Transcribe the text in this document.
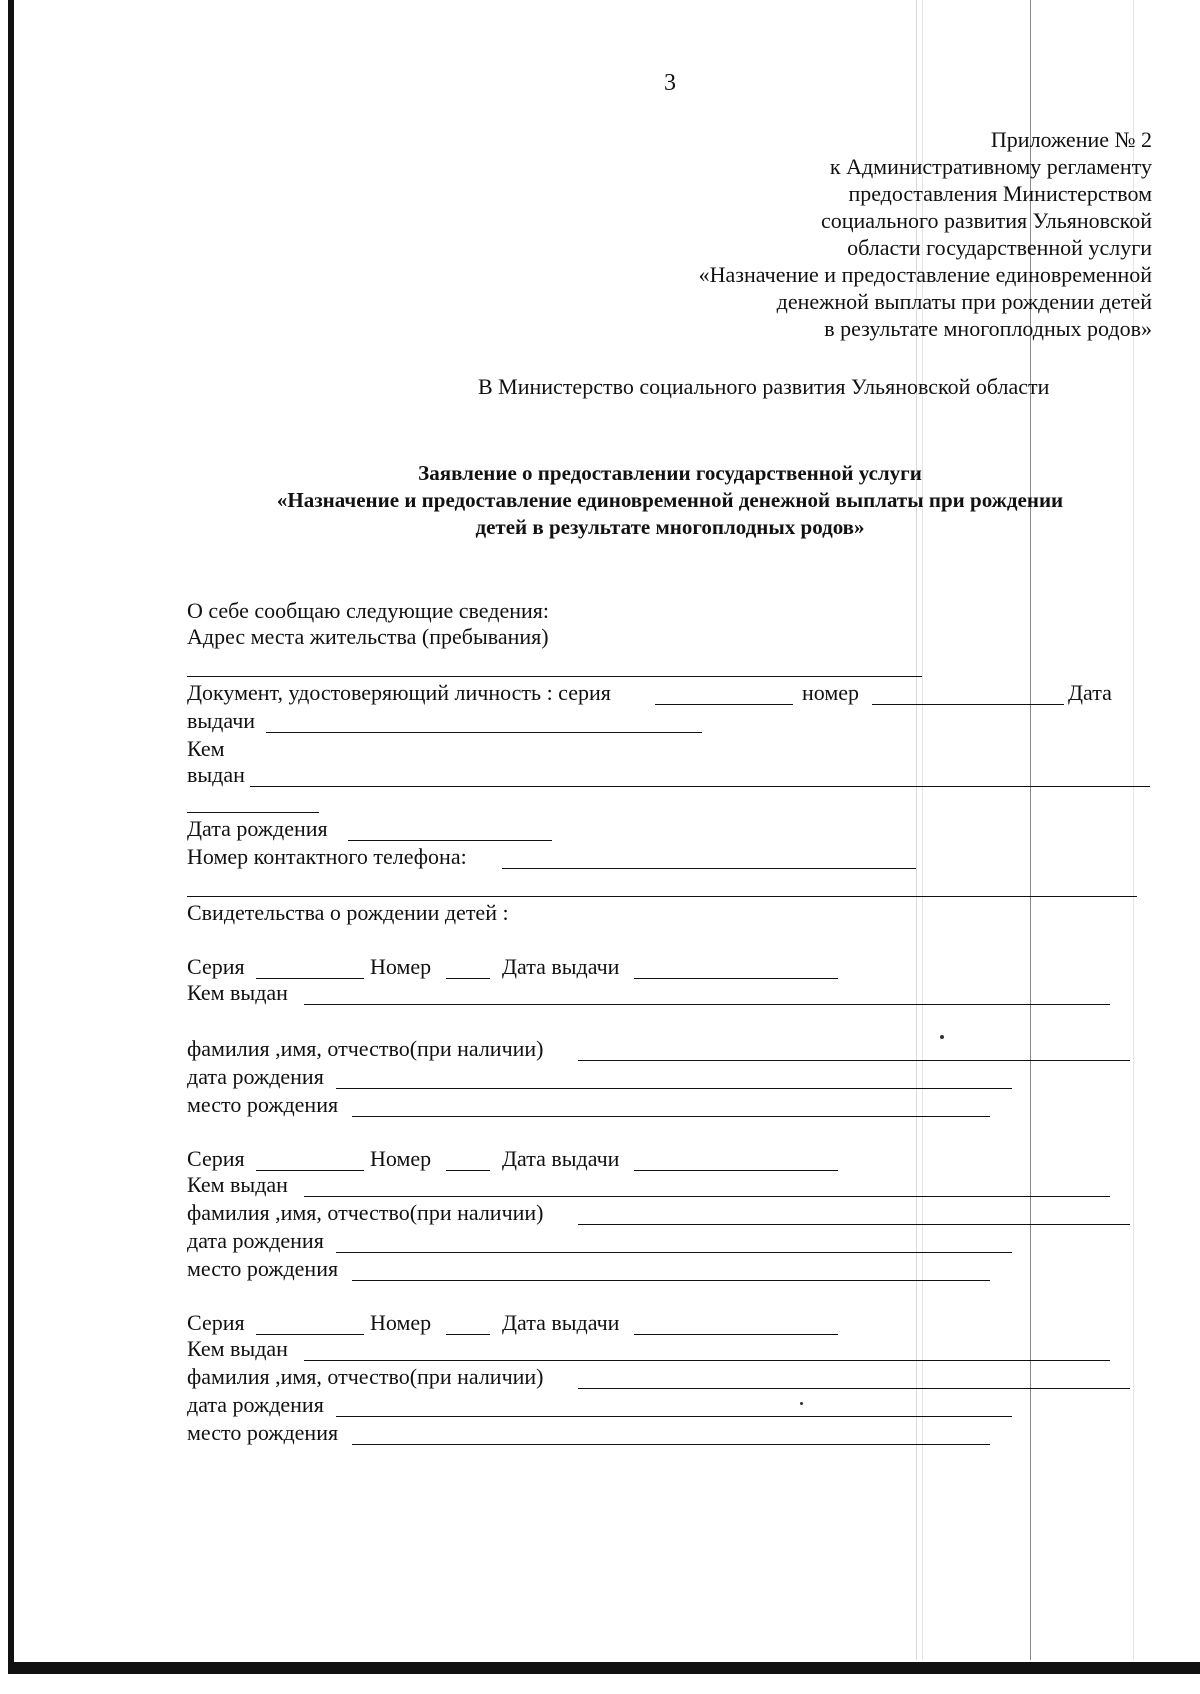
3
Приложение № 2
к Административному регламенту
предоставления Министерством
социального развития Ульяновской
области государственной услуги
«Назначение и предоставление единовременной
денежной выплаты при рождении детей
в результате многоплодных родов»
В Министерство социального развития Ульяновской области
Заявление о предоставлении государственной услуги
«Назначение и предоставление единовременной денежной выплаты при рождении
детей в результате многоплодных родов»
О себе сообщаю следующие сведения:
Адрес места жительства (пребывания)
Документ, удостоверяющий личность : серия	номер	Дата
выдачи
Кем
выдан
Дата рождения
Номер контактного телефона:
Свидетельства о рождении детей :
Серия	Номер	Дата выдачи
Кем выдан
фамилия ,имя, отчество(при наличии)
дата рождения
место рождения
Серия	Номер	Дата выдачи
Кем выдан
фамилия ,имя, отчество(при наличии)
дата рождения
место рождения
Серия	Номер	Дата выдачи
Кем выдан
фамилия ,имя, отчество(при наличии)
дата рождения
место рождения
